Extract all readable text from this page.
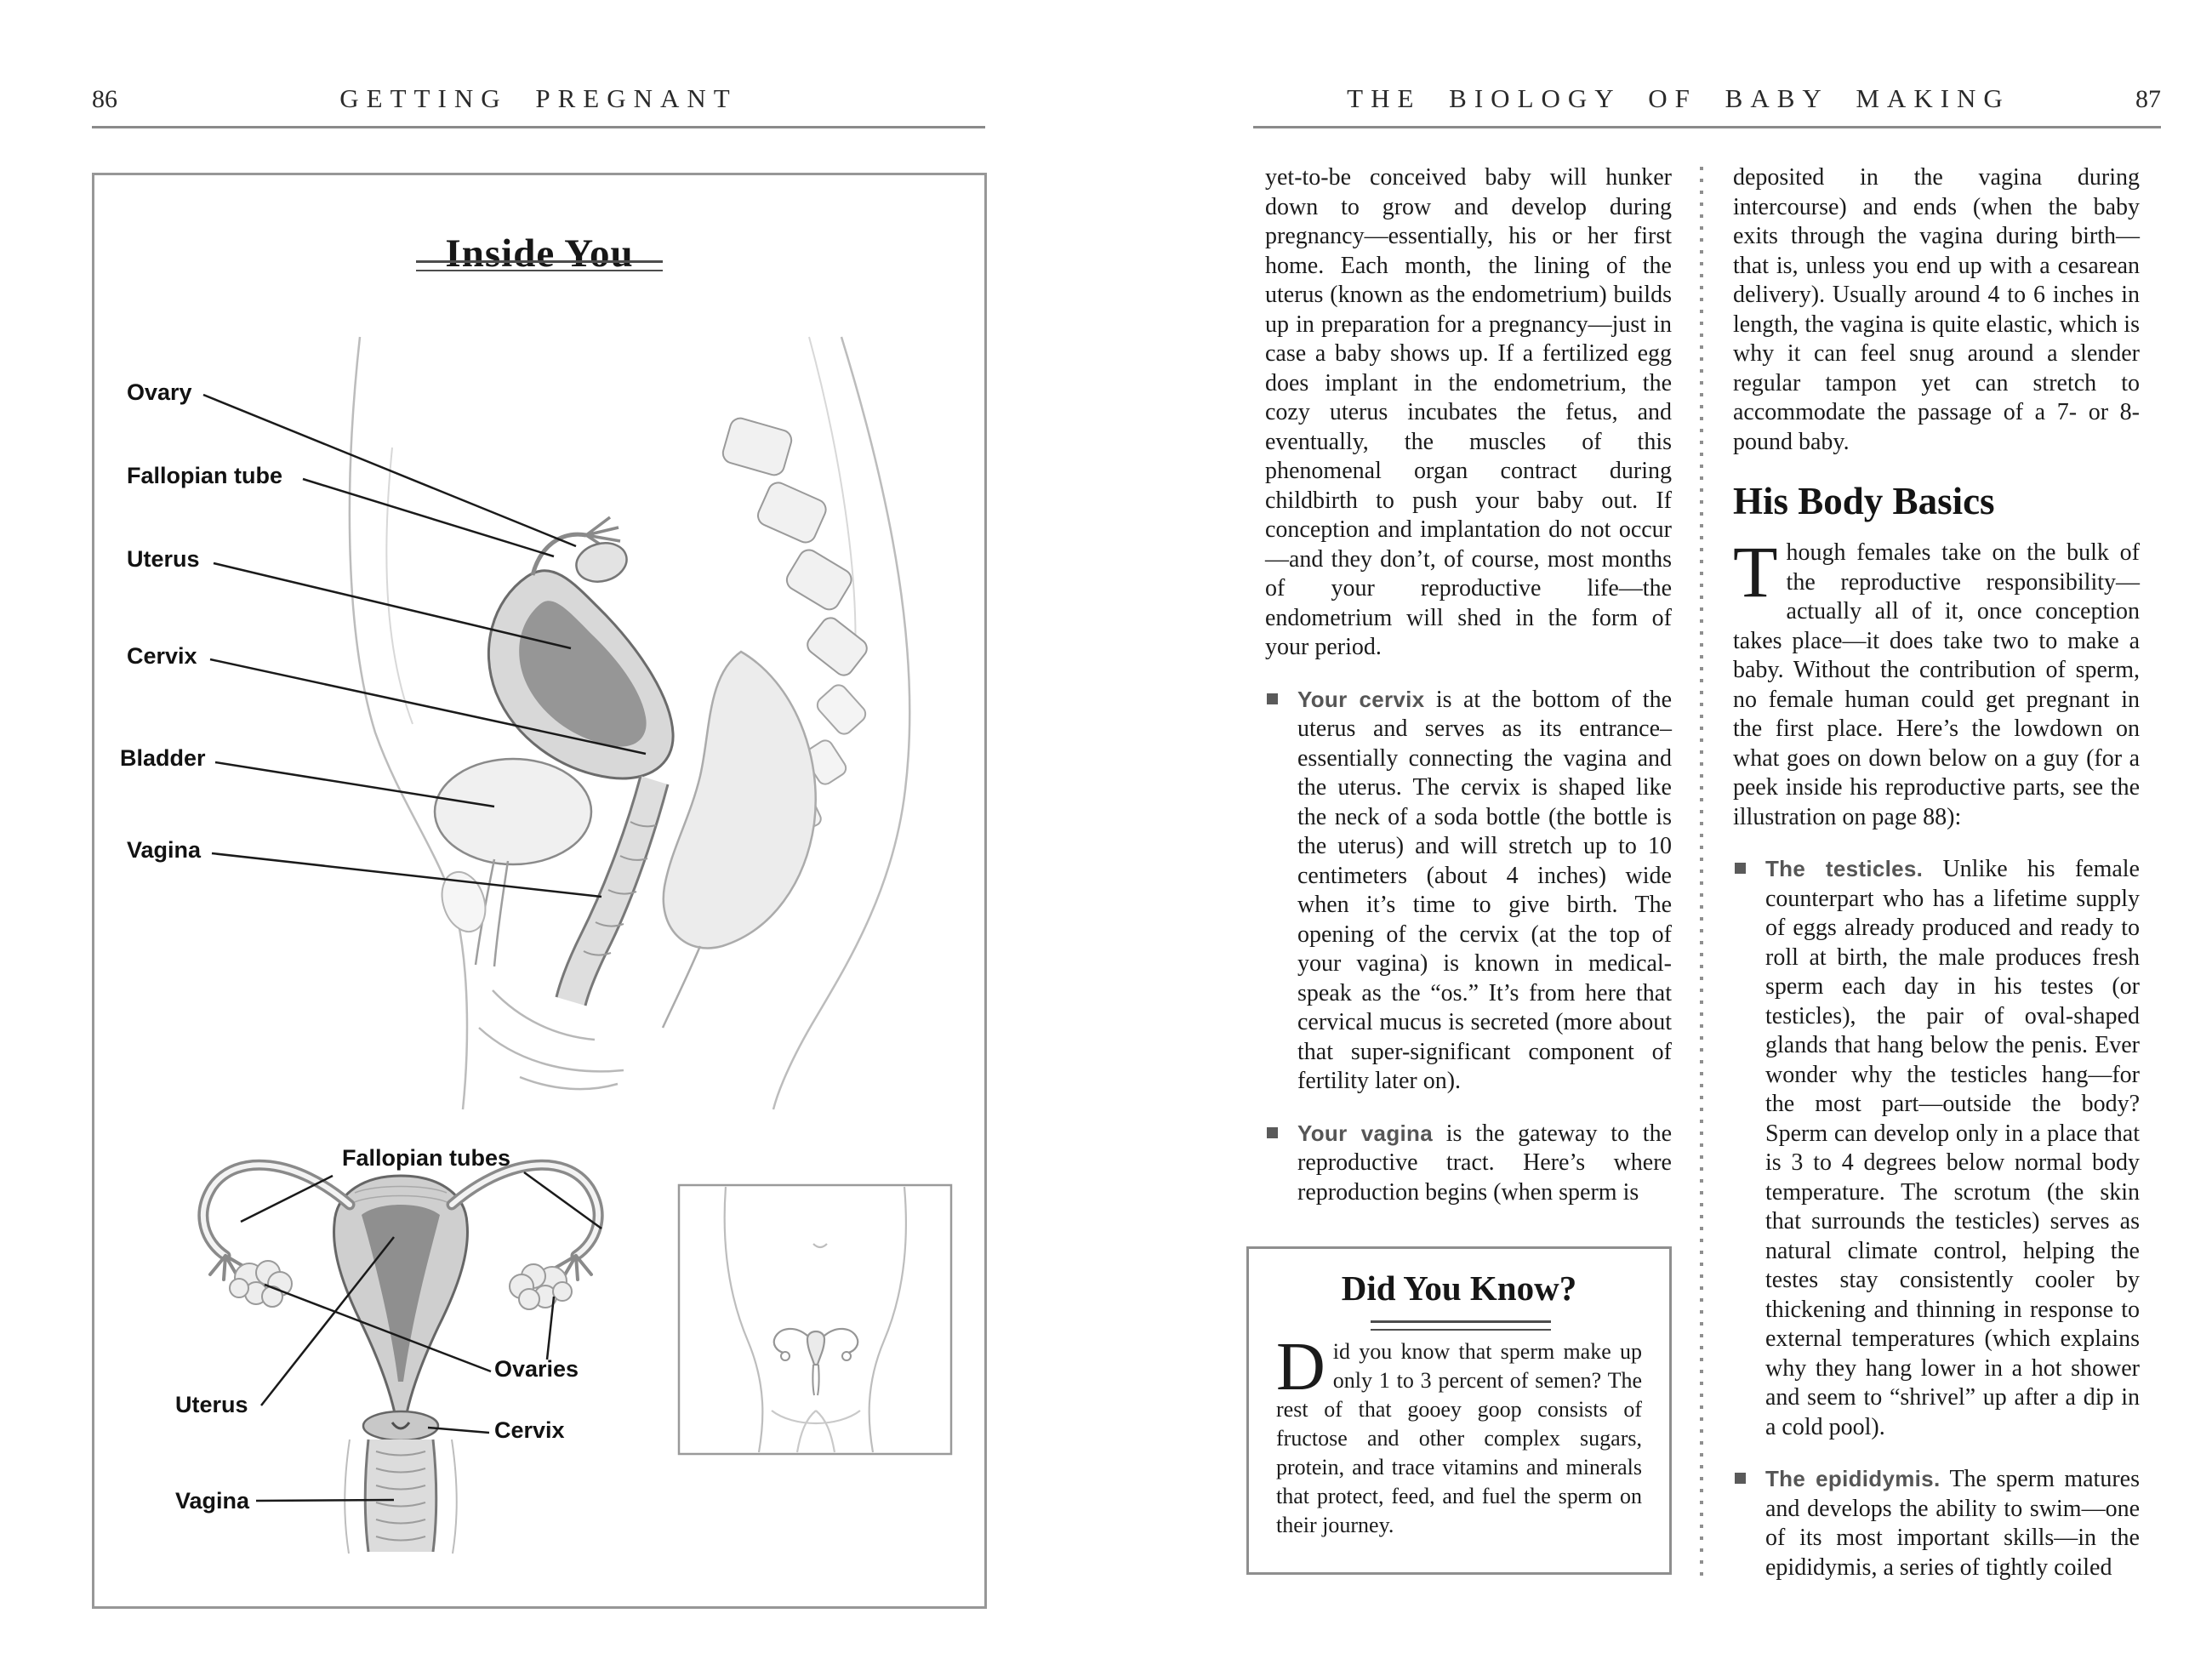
86	GETTING PREGNANT	THE BIOLOGY OF BABY MAKING	87
Inside You
Ovary
Fallopian tube
Uterus
Cervix
Bladder
Vagina
Fallopian tubes
Ovaries
Uterus
Cervix
Vagina

yet-to-be conceived baby will hunker down to grow and develop during pregnancy—essentially, his or her first home. Each month, the lining of the uterus (known as the endometrium) builds up in preparation for a pregnancy—just in case a baby shows up. If a fertilized egg does implant in the endometrium, the cozy uterus incubates the fetus, and eventually, the muscles of this phenomenal organ contract during childbirth to push your baby out. If conception and implantation do not occur—and they don’t, of course, most months of your reproductive life—the endometrium will shed in the form of your period.

Your cervix is at the bottom of the uterus and serves as its entrance–essentially connecting the vagina and the uterus. The cervix is shaped like the neck of a soda bottle (the bottle is the uterus) and will stretch up to 10 centimeters (about 4 inches) wide when it’s time to give birth. The opening of the cervix (at the top of your vagina) is known in medical-speak as the “os.” It’s from here that cervical mucus is secreted (more about that super-significant component of fertility later on).

Your vagina is the gateway to the reproductive tract. Here’s where reproduction begins (when sperm is

Did You Know?

Did you know that sperm make up only 1 to 3 percent of semen? The rest of that gooey goop consists of fructose and other complex sugars, protein, and trace vitamins and minerals that protect, feed, and fuel the sperm on their journey.

deposited in the vagina during intercourse) and ends (when the baby exits through the vagina during birth—that is, unless you end up with a cesarean delivery). Usually around 4 to 6 inches in length, the vagina is quite elastic, which is why it can feel snug around a slender regular tampon yet can stretch to accommodate the passage of a 7- or 8-pound baby.

His Body Basics

Though females take on the bulk of the reproductive responsibility—actually all of it, once conception takes place—it does take two to make a baby. Without the contribution of sperm, no female human could get pregnant in the first place. Here’s the lowdown on what goes on down below on a guy (for a peek inside his reproductive parts, see the illustration on page 88):

The testicles. Unlike his female counterpart who has a lifetime supply of eggs already produced and ready to roll at birth, the male produces fresh sperm each day in his testes (or testicles), the pair of oval-shaped glands that hang below the penis. Ever wonder why the testicles hang—for the most part—outside the body? Sperm can develop only in a place that is 3 to 4 degrees below normal body temperature. The scrotum (the skin that surrounds the testicles) serves as natural climate control, helping the testes stay consistently cooler by thickening and thinning in response to external temperatures (which explains why they hang lower in a hot shower and seem to “shrivel” up after a dip in a cold pool).

The epididymis. The sperm matures and develops the ability to swim—one of its most important skills—in the epididymis, a series of tightly coiled
